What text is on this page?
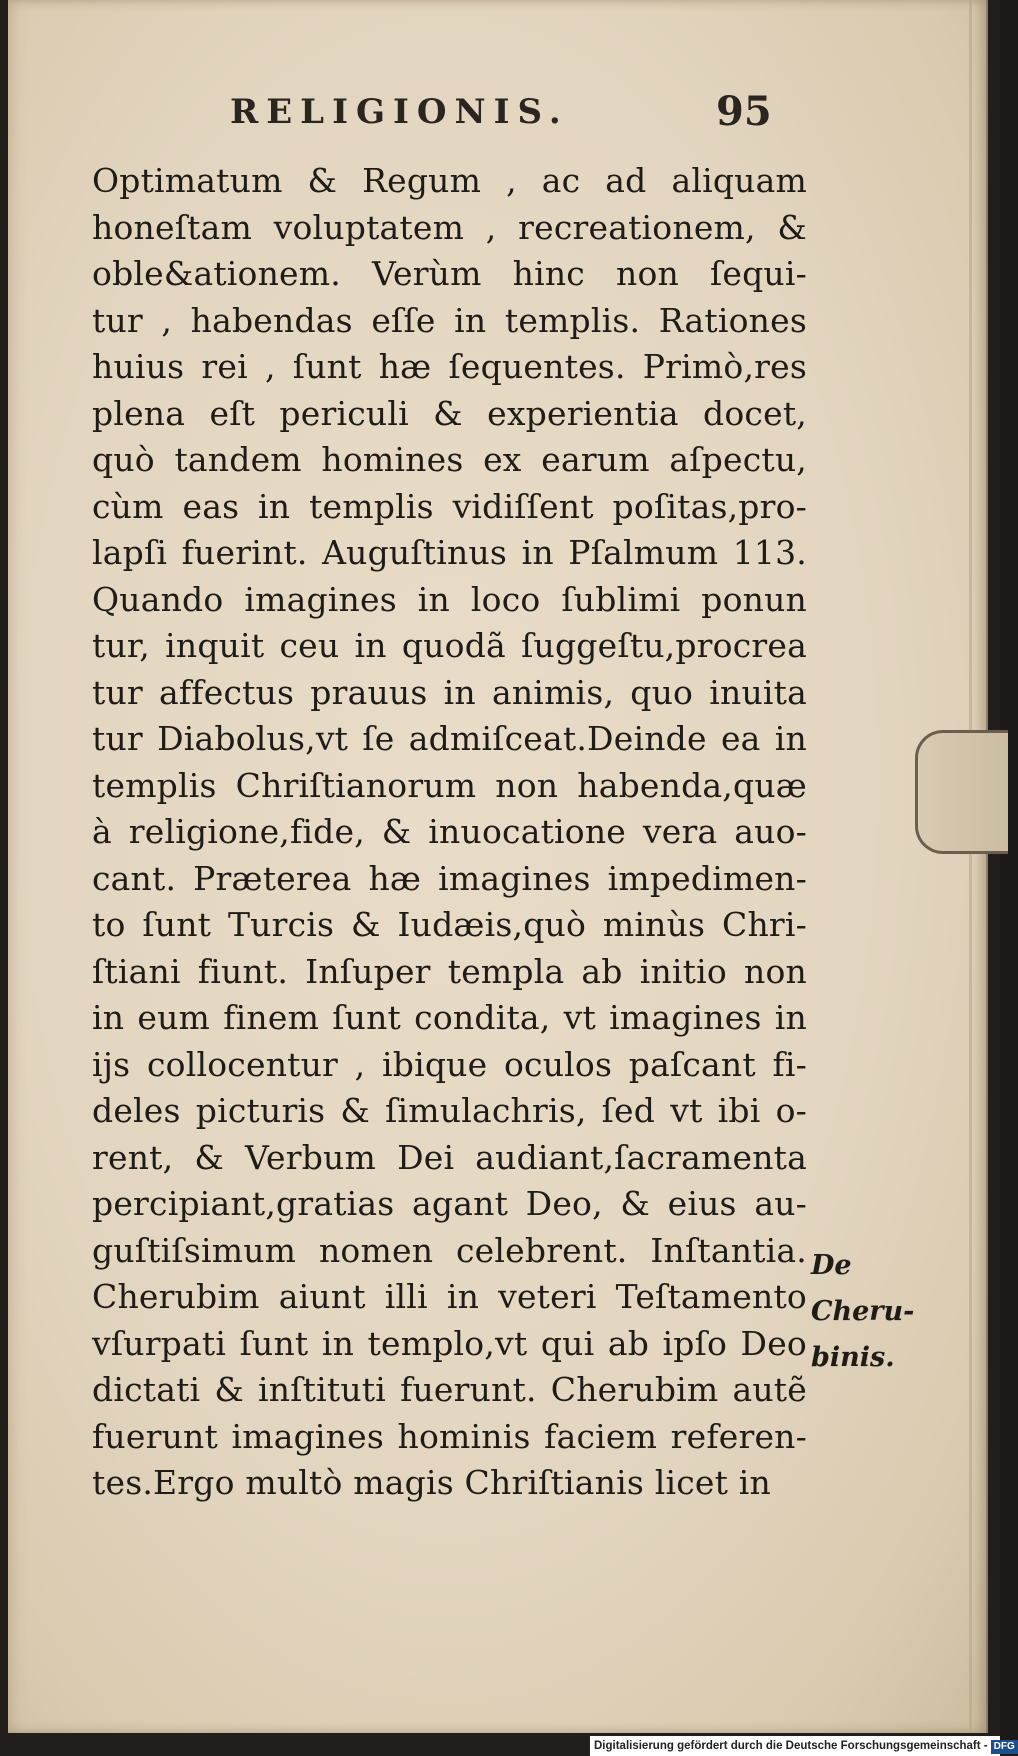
RELIGIONIS.	95
Optimatum & Regum , ac ad aliquam
honeſtam voluptatem , recreationem, &
oble&ationem. Verùm hinc non ſequi-
tur , habendas eſſe in templis. Rationes
huius rei , ſunt hæ ſequentes. Primò,res
plena eſt periculi & experientia docet,
quò tandem homines ex earum aſpectu,
cùm eas in templis vidiſſent poſitas,pro-
lapſi fuerint. Auguſtinus in Pſalmum 113.
Quando imagines in loco ſublimi ponun
tur, inquit ceu in quodã ſuggeſtu,procrea
tur affectus prauus in animis, quo inuita
tur Diabolus,vt ſe admiſceat.Deinde ea in
templis Chriſtianorum non habenda,quæ
à religione,fide, & inuocatione vera auo-
cant. Præterea hæ imagines impedimen-
to ſunt Turcis & Iudæis,quò minùs Chri-
ſtiani fiunt. Inſuper templa ab initio non
in eum finem ſunt condita, vt imagines in
ijs collocentur , ibique oculos paſcant fi-
deles picturis & ſimulachris, ſed vt ibi o-
rent, & Verbum Dei audiant,ſacramenta
percipiant,gratias agant Deo, & eius au-
guſtiſsimum nomen celebrent. Inſtantia.
Cherubim aiunt illi in veteri Teſtamento
vſurpati ſunt in templo,vt qui ab ipſo Deo
dictati & inſtituti fuerunt. Cherubim autẽ
fuerunt imagines hominis faciem referen-
tes.Ergo multò magis Chriſtianis licet in
De Cheru-
binis.
Digitalisierung gefördert durch die Deutsche Forschungsgemeinschaft - DFG
